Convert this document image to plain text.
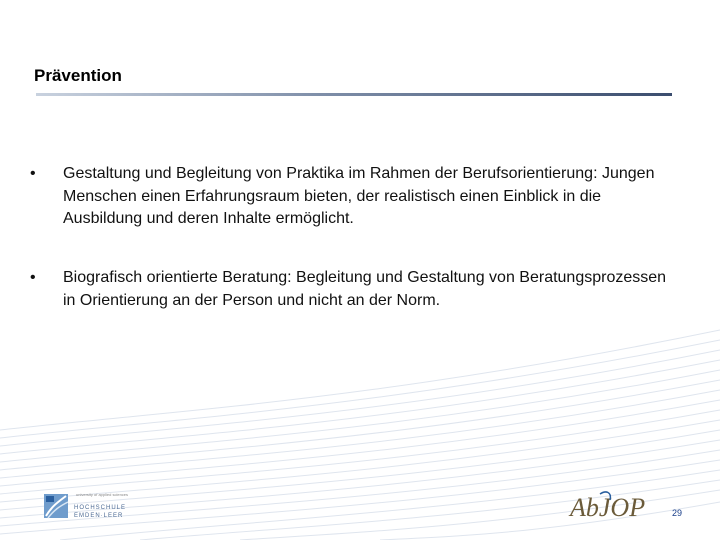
Prävention
•	Gestaltung und Begleitung von Praktika im Rahmen der Berufsorientierung: Jungen Menschen einen Erfahrungsraum bieten, der realistisch einen Einblick in die Ausbildung und deren Inhalte ermöglicht.
•	Biografisch orientierte Beratung: Begleitung und Gestaltung von Beratungsprozessen in Orientierung an der Person und nicht an der Norm.
university of applied sciences
HOCHSCHULE
EMDEN·LEER	AbJOP	29
